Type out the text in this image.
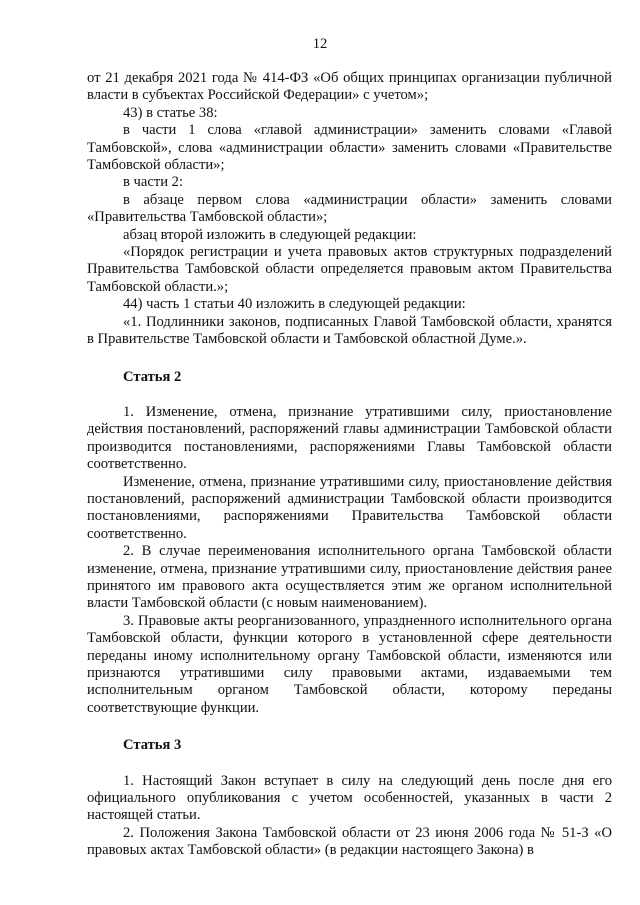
12

от 21 декабря 2021 года № 414-ФЗ «Об общих принципах организации публичной власти в субъектах Российской Федерации» с учетом»;

43) в статье 38:

в части 1 слова «главой администрации» заменить словами «Главой Тамбовской», слова «администрации области» заменить словами «Правительстве Тамбовской области»;

в части 2:

в абзаце первом слова «администрации области» заменить словами «Правительства Тамбовской области»;

абзац второй изложить в следующей редакции:

«Порядок регистрации и учета правовых актов структурных подразделений Правительства Тамбовской области определяется правовым актом Правительства Тамбовской области.»;

44) часть 1 статьи 40 изложить в следующей редакции:

«1. Подлинники законов, подписанных Главой Тамбовской области, хранятся в Правительстве Тамбовской области и Тамбовской областной Думе.».

Статья 2

1. Изменение, отмена, признание утратившими силу, приостановление действия постановлений, распоряжений главы администрации Тамбовской области производится постановлениями, распоряжениями Главы Тамбовской области соответственно.

Изменение, отмена, признание утратившими силу, приостановление действия постановлений, распоряжений администрации Тамбовской области производится постановлениями, распоряжениями Правительства Тамбовской области соответственно.

2. В случае переименования исполнительного органа Тамбовской области изменение, отмена, признание утратившими силу, приостановление действия ранее принятого им правового акта осуществляется этим же органом исполнительной власти Тамбовской области (с новым наименованием).

3. Правовые акты реорганизованного, упраздненного исполнительного органа Тамбовской области, функции которого в установленной сфере деятельности переданы иному исполнительному органу Тамбовской области, изменяются или признаются утратившими силу правовыми актами, издаваемыми тем исполнительным органом Тамбовской области, которому переданы соответствующие функции.

Статья 3

1. Настоящий Закон вступает в силу на следующий день после дня его официального опубликования с учетом особенностей, указанных в части 2 настоящей статьи.

2. Положения Закона Тамбовской области от 23 июня 2006 года № 51-З «О правовых актах Тамбовской области» (в редакции настоящего Закона) в
